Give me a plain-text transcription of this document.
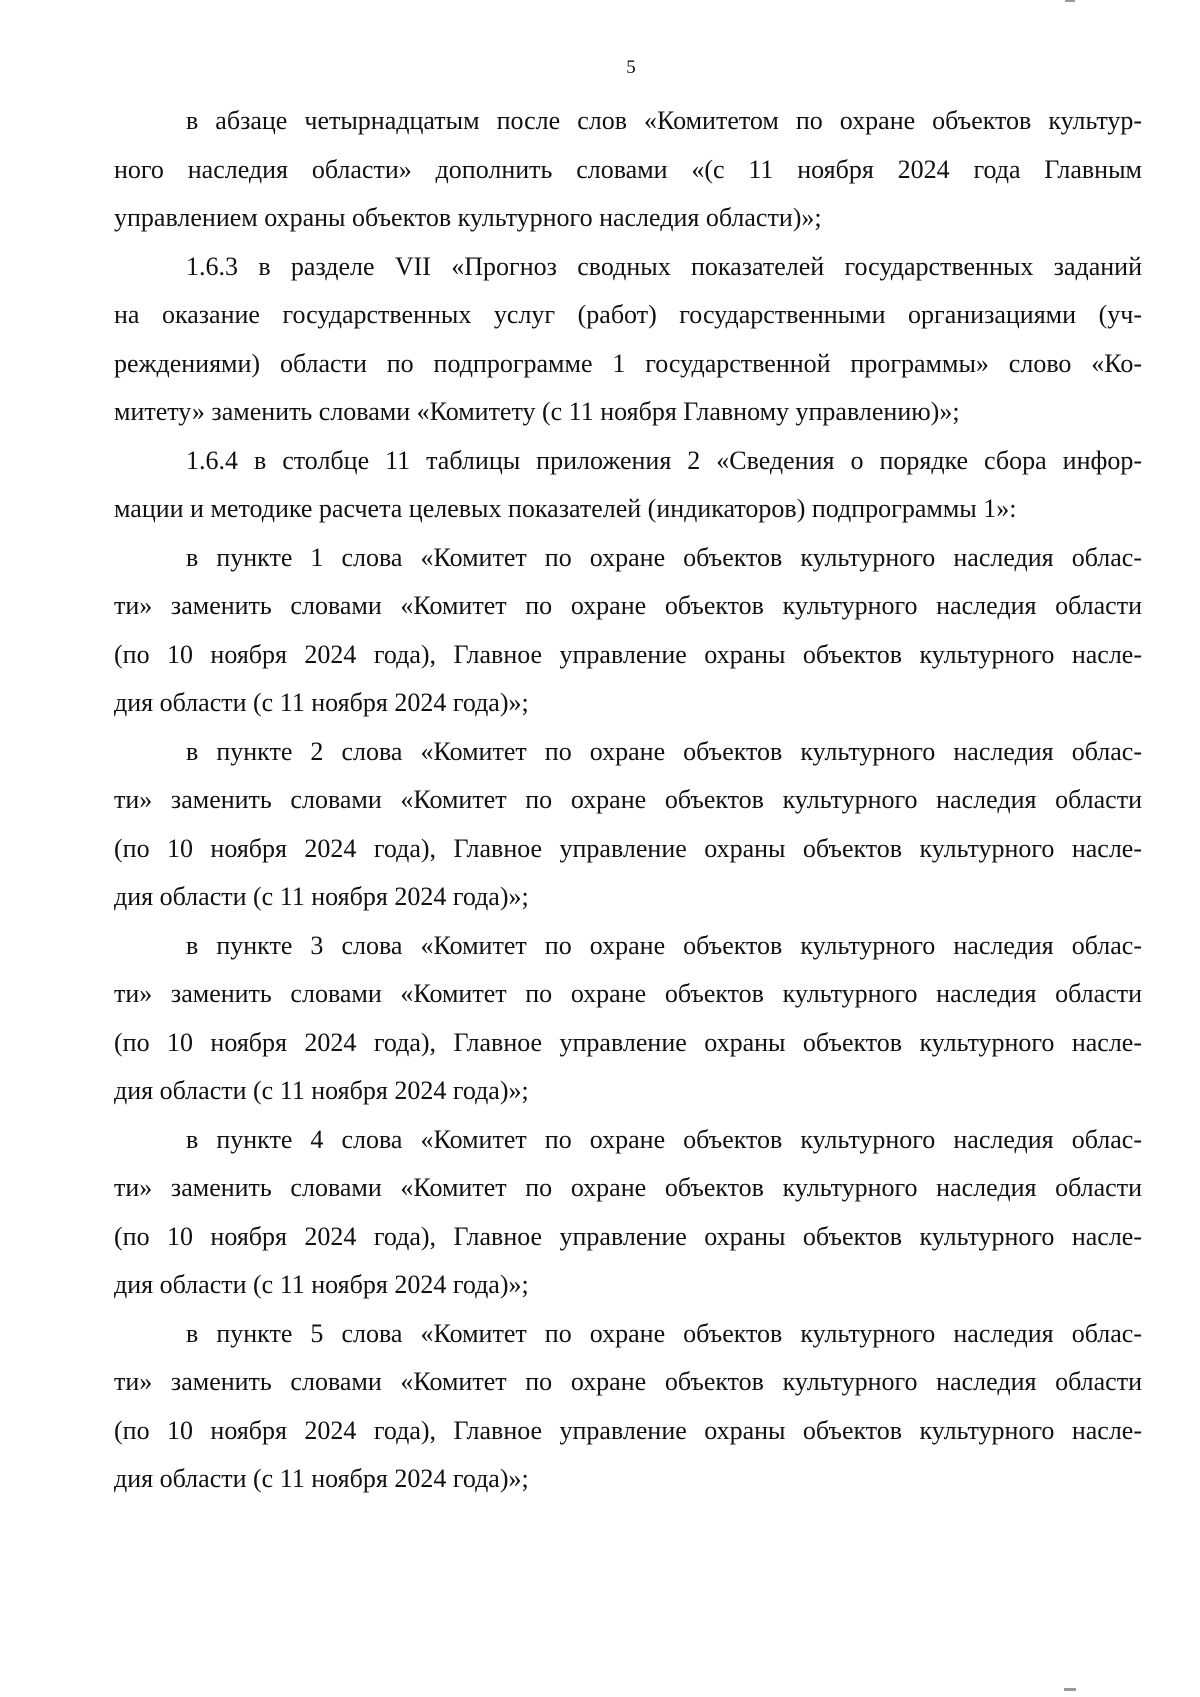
5
в абзаце четырнадцатым после слов «Комитетом по охране объектов культур-
ного наследия области» дополнить словами «(с 11 ноября 2024 года Главным
управлением охраны объектов культурного наследия области)»;
1.6.3 в разделе VII «Прогноз сводных показателей государственных заданий
на оказание государственных услуг (работ) государственными организациями (уч-
реждениями) области по подпрограмме 1 государственной программы» слово «Ко-
митету» заменить словами «Комитету (с 11 ноября Главному управлению)»;
1.6.4 в столбце 11 таблицы приложения 2 «Сведения о порядке сбора инфор-
мации и методике расчета целевых показателей (индикаторов) подпрограммы 1»:
в пункте 1 слова «Комитет по охране объектов культурного наследия облас-
ти» заменить словами «Комитет по охране объектов культурного наследия области
(по 10 ноября 2024 года), Главное управление охраны объектов культурного насле-
дия области (с 11 ноября 2024 года)»;
в пункте 2 слова «Комитет по охране объектов культурного наследия облас-
ти» заменить словами «Комитет по охране объектов культурного наследия области
(по 10 ноября 2024 года), Главное управление охраны объектов культурного насле-
дия области (с 11 ноября 2024 года)»;
в пункте 3 слова «Комитет по охране объектов культурного наследия облас-
ти» заменить словами «Комитет по охране объектов культурного наследия области
(по 10 ноября 2024 года), Главное управление охраны объектов культурного насле-
дия области (с 11 ноября 2024 года)»;
в пункте 4 слова «Комитет по охране объектов культурного наследия облас-
ти» заменить словами «Комитет по охране объектов культурного наследия области
(по 10 ноября 2024 года), Главное управление охраны объектов культурного насле-
дия области (с 11 ноября 2024 года)»;
в пункте 5 слова «Комитет по охране объектов культурного наследия облас-
ти» заменить словами «Комитет по охране объектов культурного наследия области
(по 10 ноября 2024 года), Главное управление охраны объектов культурного насле-
дия области (с 11 ноября 2024 года)»;
